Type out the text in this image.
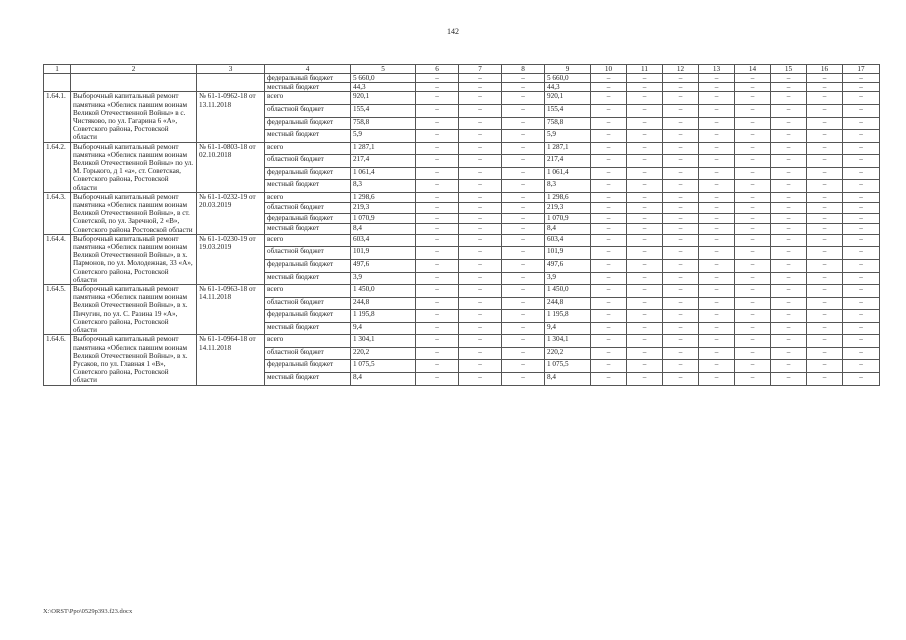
142
1	2	3	4	5	6	7	8	9	10	11	12	13	14	15	16	17
			федеральный бюджет	5 660,0	–	–	–	5 660,0	–	–	–	–	–	–	–	–
			местный бюджет	44,3	–	–	–	44,3	–	–	–	–	–	–	–	–
1.64.1.	Выборочный капитальный ремонт памятника «Обелиск павшим воинам Великой Отечественной Войны» в с. Чистяково, по ул. Гагарина 6 «А», Советского района, Ростовской области	№ 61-1-0962-18 от 13.11.2018	всего	920,1	–	–	–	920,1	–	–	–	–	–	–	–	–
			областной бюджет	155,4	–	–	–	155,4	–	–	–	–	–	–	–	–
			федеральный бюджет	758,8	–	–	–	758,8	–	–	–	–	–	–	–	–
			местный бюджет	5,9	–	–	–	5,9	–	–	–	–	–	–	–	–
1.64.2.	Выборочный капитальный ремонт памятника «Обелиск павшим воинам Великой Отечественной Войны» по ул. М. Горького, д 1 «а», ст. Советская, Советского района, Ростовской области	№ 61-1-0803-18 от 02.10.2018	всего	1 287,1	–	–	–	1 287,1	–	–	–	–	–	–	–	–
			областной бюджет	217,4	–	–	–	217,4	–	–	–	–	–	–	–	–
			федеральный бюджет	1 061,4	–	–	–	1 061,4	–	–	–	–	–	–	–	–
			местный бюджет	8,3	–	–	–	8,3	–	–	–	–	–	–	–	–
1.64.3.	Выборочный капитальный ремонт памятника «Обелиск павшим воинам Великой Отечественной Войны», в ст. Советской, по ул. Заречной, 2 «В», Советского района Ростовской области	№ 61-1-0232-19 от 20.03.2019	всего	1 298,6	–	–	–	1 298,6	–	–	–	–	–	–	–	–
			областной бюджет	219,3	–	–	–	219,3	–	–	–	–	–	–	–	–
			федеральный бюджет	1 070,9	–	–	–	1 070,9	–	–	–	–	–	–	–	–
			местный бюджет	8,4	–	–	–	8,4	–	–	–	–	–	–	–	–
1.64.4.	Выборочный капитальный ремонт памятника «Обелиск павшим воинам Великой Отечественной Войны», в х. Пармонов, по ул. Молодежная, 33 «А», Советского района, Ростовской области	№ 61-1-0230-19 от 19.03.2019	всего	603,4	–	–	–	603,4	–	–	–	–	–	–	–	–
			областной бюджет	101,9	–	–	–	101,9	–	–	–	–	–	–	–	–
			федеральный бюджет	497,6	–	–	–	497,6	–	–	–	–	–	–	–	–
			местный бюджет	3,9	–	–	–	3,9	–	–	–	–	–	–	–	–
1.64.5.	Выборочный капитальный ремонт памятника «Обелиск павшим воинам Великой Отечественной Войны», в х. Пичугин, по ул. С. Разина 19 «А», Советского района, Ростовской области	№ 61-1-0963-18 от 14.11.2018	всего	1 450,0	–	–	–	1 450,0	–	–	–	–	–	–	–	–
			областной бюджет	244,8	–	–	–	244,8	–	–	–	–	–	–	–	–
			федеральный бюджет	1 195,8	–	–	–	1 195,8	–	–	–	–	–	–	–	–
			местный бюджет	9,4	–	–	–	9,4	–	–	–	–	–	–	–	–
1.64.6.	Выборочный капитальный ремонт памятника «Обелиск павшим воинам Великой Отечественной Войны», в х. Русаков, по ул. Главная 1 «В», Советского района, Ростовской области	№ 61-1-0964-18 от 14.11.2018	всего	1 304,1	–	–	–	1 304,1	–	–	–	–	–	–	–	–
			областной бюджет	220,2	–	–	–	220,2	–	–	–	–	–	–	–	–
			федеральный бюджет	1 075,5	–	–	–	1 075,5	–	–	–	–	–	–	–	–
			местный бюджет	8,4	–	–	–	8,4	–	–	–	–	–	–	–	–
X:\ORST\Ppo\0529p393.f23.docx
